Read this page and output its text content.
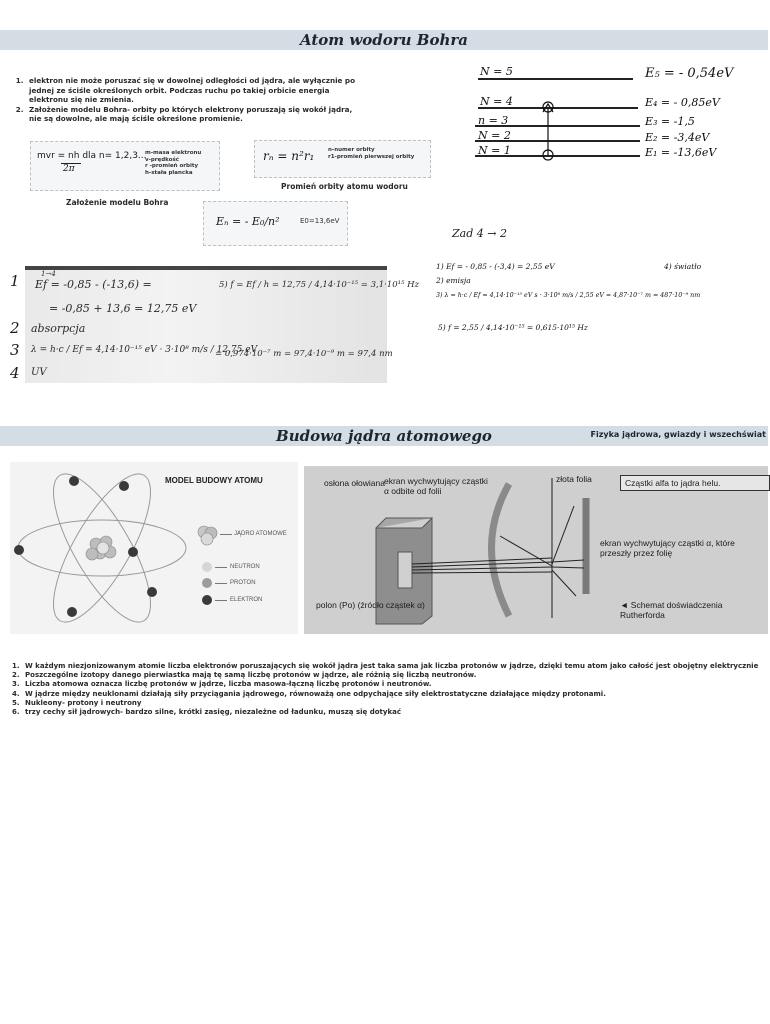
Atom wodoru Bohra
1. elektron nie może poruszać się w dowolnej odległości od jądra, ale wyłącznie po jednej ze ściśle określonych orbit. Podczas ruchu po takiej orbicie energia elektronu się nie zmienia.
2. Założenie modelu Bohra- orbity po których elektrony poruszają się wokół jądra, nie są dowolne, ale mają ściśle określone promienie.
mvr = nh dla n= 1,2,3...
2π
m-masa elektronu
v-prędkość
r -promień orbity
h-stała plancka
Założenie modelu Bohra
rₙ = n²r₁ n-numer orbity
r1-promień pierwszej orbity
Promień orbity atomu wodoru
Eₙ = - E₀/n²	E0=13,6eV
N = 5
N = 4
n = 3
N = 2
N = 1
E₅ = - 0,54eV
E₄ = - 0,85eV
E₃ = -1,5
E₂ = -3,4eV
E₁ = -13,6eV
Zad 4 → 2
1) Ef = - 0,85 - (-3,4) = 2,55 eV	4) światło
2) emisja
3) λ = h·c / Ef = 4,14·10⁻¹⁵ eV s · 3·10⁸ m/s / 2,55 eV = 4,87·10⁻⁷ m = 487·10⁻⁹ nm
5) f = 2,55 / 4,14·10⁻¹⁵ = 0,615·10¹⁵ Hz
1
2
3
4
1→4
Ef = -0,85 - (-13,6) =
= -0,85 + 13,6 = 12,75 eV
absorpcja
λ = h·c / Ef = 4,14·10⁻¹⁵ eV · 3·10⁸ m/s / 12,75 eV
= 0,974·10⁻⁷ m = 97,4·10⁻⁹ m = 97,4 nm
5) f = Ef / h = 12,75 / 4,14·10⁻¹⁵ = 3,1·10¹⁵ Hz
UV
Budowa jądra atomowego	Fizyka jądrowa, gwiazdy i wszechświat
MODEL BUDOWY ATOMU
JĄDRO ATOMOWE
NEUTRON
PROTON
ELEKTRON
osłona ołowiana ekran wychwytujący cząstki α odbite od folii
złota folia	Cząstki alfa to jądra helu.
ekran wychwytujący cząstki α, które przeszły przez folię
polon (Po) (źródło cząstek α)	◄ Schemat doświadczenia Rutherforda
1. W każdym niezjonizowanym atomie liczba elektronów poruszających się wokół jądra jest taka sama jak liczba protonów w jądrze, dzięki temu atom jako całość jest obojętny elektrycznie
2. Poszczególne izotopy danego pierwiastka mają tę samą liczbę protonów w jądrze, ale różnią się liczbą neutronów.
3. Liczba atomowa oznacza liczbę protonów w jądrze, liczba masowa-łączną liczbę protonów i neutronów.
4. W jądrze między neuklonami działają siły przyciągania jądrowego, równoważą one odpychające siły elektrostatyczne działające między protonami.
5. Nukleony- protony i neutrony
6. trzy cechy sił jądrowych- bardzo silne, krótki zasięg, niezależne od ładunku, muszą się dotykać
